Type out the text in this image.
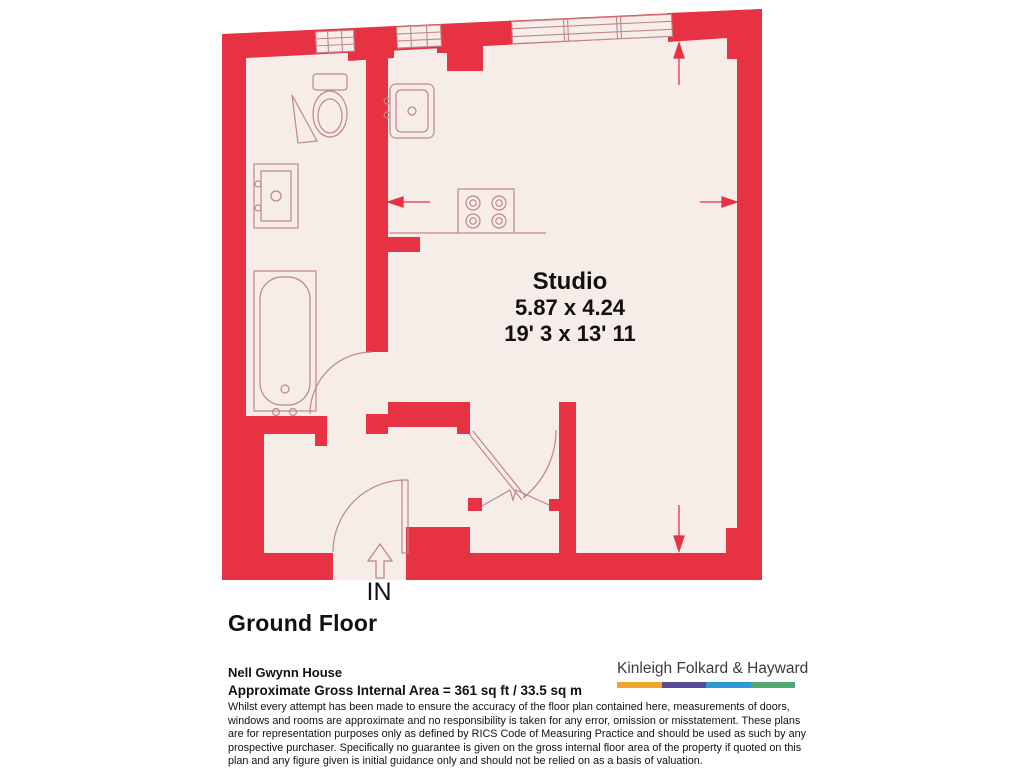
Studio
5.87 x 4.24
19' 3 x 13' 11
IN
Ground Floor

Nell Gwynn House

Approximate Gross Internal Area = 361 sq ft / 33.5 sq m

Whilst every attempt has been made to ensure the accuracy of the floor plan contained here, measurements of doors, windows and rooms are approximate and no responsibility is taken for any error, omission or misstatement. These plans are for representation purposes only as defined by RICS Code of Measuring Practice and should be used as such by any prospective purchaser. Specifically no guarantee is given on the gross internal floor area of the property if quoted on this plan and any figure given is initial guidance only and should not be relied on as a basis of valuation.

Kinleigh Folkard & Hayward
